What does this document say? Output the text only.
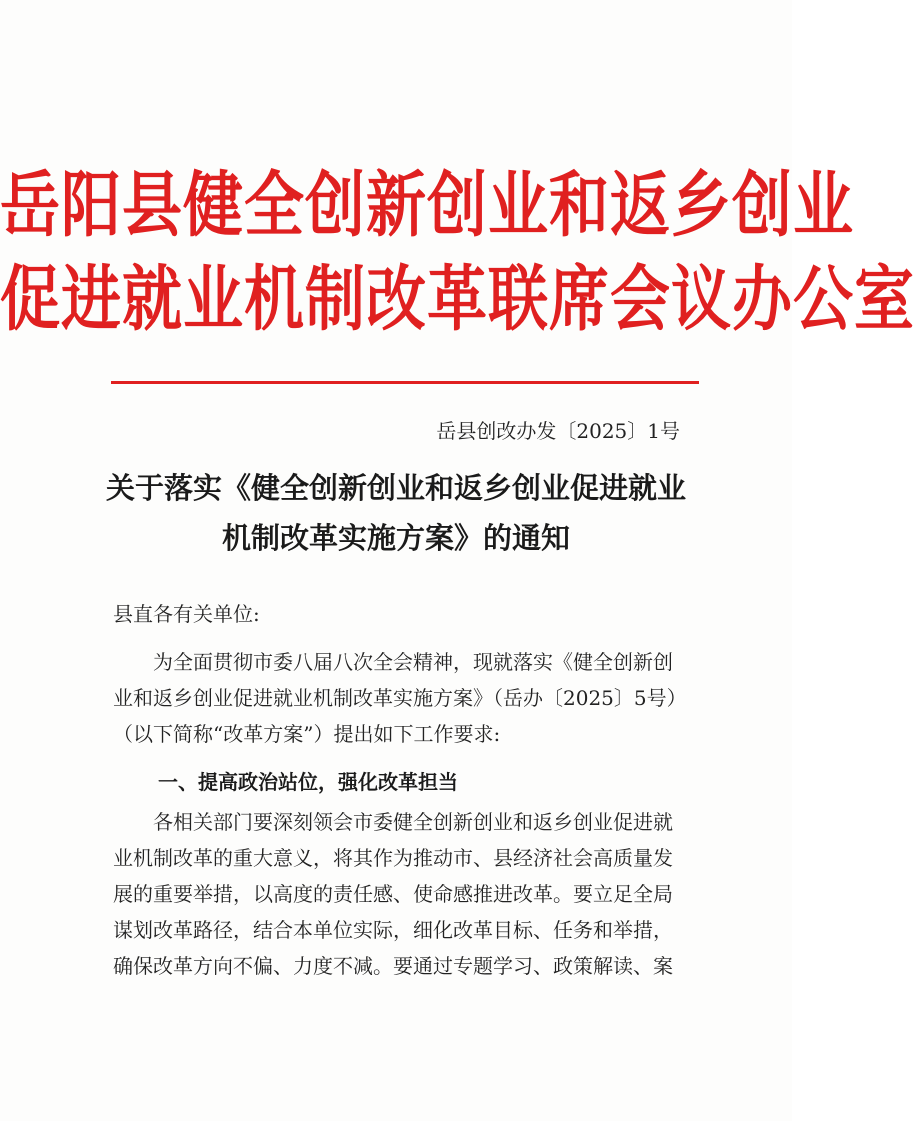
岳阳县健全创新创业和返乡创业
促进就业机制改革联席会议办公室
岳县创改办发〔2025〕1号
关于落实《健全创新创业和返乡创业促进就业
机制改革实施方案》的通知
县直各有关单位:
为全面贯彻市委八届八次全会精神，现就落实《健全创新创
业和返乡创业促进就业机制改革实施方案》（岳办〔2025〕5号）
（以下简称“改革方案”）提出如下工作要求:
一、提高政治站位，强化改革担当
各相关部门要深刻领会市委健全创新创业和返乡创业促进就
业机制改革的重大意义，将其作为推动市、县经济社会高质量发
展的重要举措，以高度的责任感、使命感推进改革。要立足全局
谋划改革路径，结合本单位实际，细化改革目标、任务和举措，
确保改革方向不偏、力度不减。要通过专题学习、政策解读、案
